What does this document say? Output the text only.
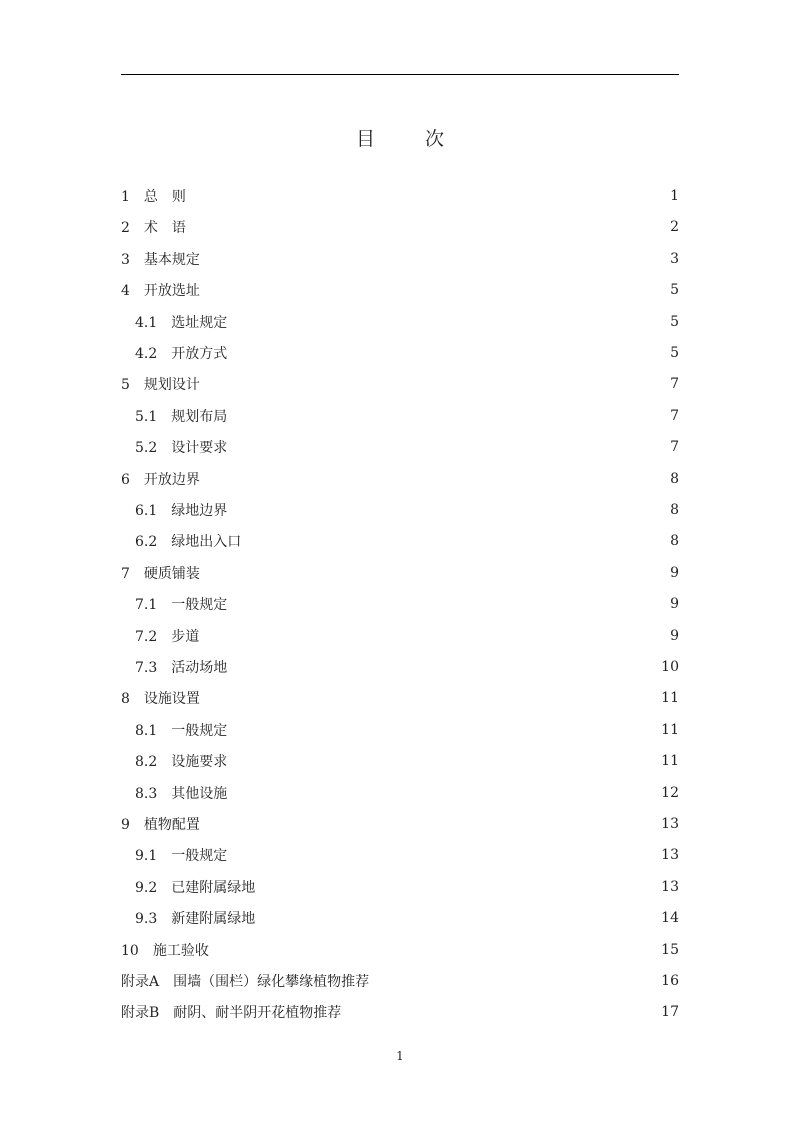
目 次
1   总　则	1
2   术　语	2
3   基本规定	3
4   开放选址	5
4.1   选址规定	5
4.2   开放方式	5
5   规划设计	7
5.1   规划布局	7
5.2   设计要求	7
6   开放边界	8
6.1   绿地边界	8
6.2   绿地出入口	8
7   硬质铺装	9
7.1   一般规定	9
7.2   步道	9
7.3   活动场地	10
8   设施设置	11
8.1   一般规定	11
8.2   设施要求	11
8.3   其他设施	12
9   植物配置	13
9.1   一般规定	13
9.2   已建附属绿地	13
9.3   新建附属绿地	14
10   施工验收	15
附录A   围墙（围栏）绿化攀缘植物推荐	16
附录B   耐阴、耐半阴开花植物推荐	17
1
